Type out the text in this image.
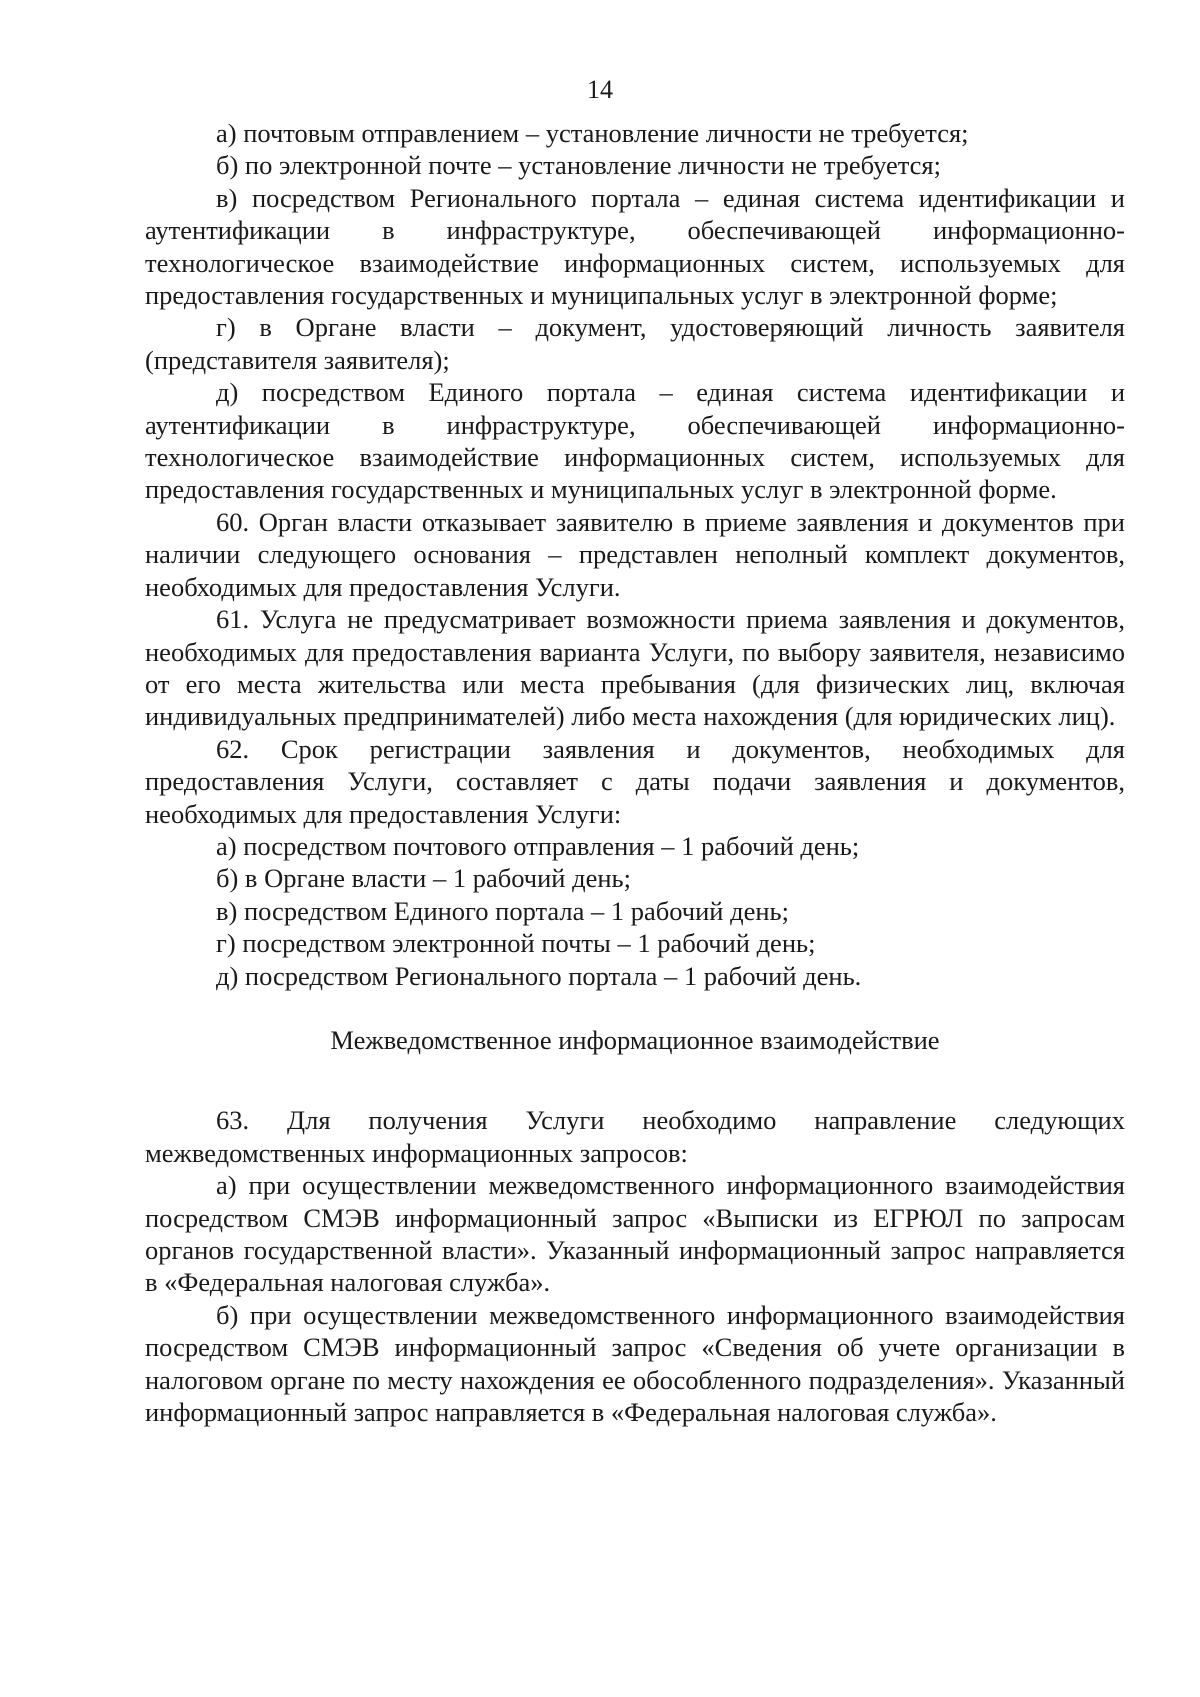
14

а) почтовым отправлением – установление личности не требуется;

б) по электронной почте – установление личности не требуется;

в) посредством Регионального портала – единая система идентификации и аутентификации в инфраструктуре, обеспечивающей информационно-технологическое взаимодействие информационных систем, используемых для предоставления государственных и муниципальных услуг в электронной форме;

г) в Органе власти – документ, удостоверяющий личность заявителя (представителя заявителя);

д) посредством Единого портала – единая система идентификации и аутентификации в инфраструктуре, обеспечивающей информационно-технологическое взаимодействие информационных систем, используемых для предоставления государственных и муниципальных услуг в электронной форме.

60. Орган власти отказывает заявителю в приеме заявления и документов при наличии следующего основания – представлен неполный комплект документов, необходимых для предоставления Услуги.

61. Услуга не предусматривает возможности приема заявления и документов, необходимых для предоставления варианта Услуги, по выбору заявителя, независимо от его места жительства или места пребывания (для физических лиц, включая индивидуальных предпринимателей) либо места нахождения (для юридических лиц).

62. Срок регистрации заявления и документов, необходимых для предоставления Услуги, составляет с даты подачи заявления и документов, необходимых для предоставления Услуги:

а) посредством почтового отправления – 1 рабочий день;

б) в Органе власти – 1 рабочий день;

в) посредством Единого портала – 1 рабочий день;

г) посредством электронной почты – 1 рабочий день;

д) посредством Регионального портала – 1 рабочий день.

Межведомственное информационное взаимодействие

63. Для получения Услуги необходимо направление следующих межведомственных информационных запросов:

а) при осуществлении межведомственного информационного взаимодействия посредством СМЭВ информационный запрос «Выписки из ЕГРЮЛ по запросам органов государственной власти». Указанный информационный запрос направляется в «Федеральная налоговая служба».

б) при осуществлении межведомственного информационного взаимодействия посредством СМЭВ информационный запрос «Сведения об учете организации в налоговом органе по месту нахождения ее обособленного подразделения». Указанный информационный запрос направляется в «Федеральная налоговая служба».
